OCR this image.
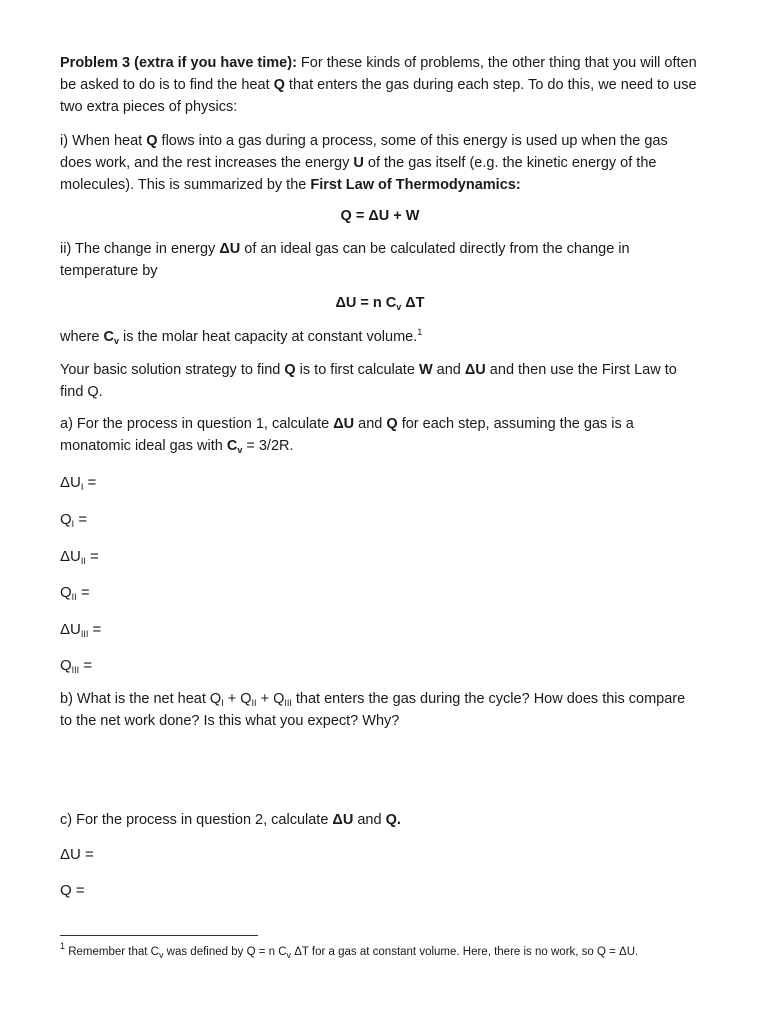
Problem 3 (extra if you have time): For these kinds of problems, the other thing that you will often be asked to do is to find the heat Q that enters the gas during each step. To do this, we need to use two extra pieces of physics:

i) When heat Q flows into a gas during a process, some of this energy is used up when the gas does work, and the rest increases the energy U of the gas itself (e.g. the kinetic energy of the molecules). This is summarized by the First Law of Thermodynamics:

Q = ΔU + W

ii) The change in energy ΔU of an ideal gas can be calculated directly from the change in temperature by

ΔU = n $C_v$ ΔT

where $C_v$ is the molar heat capacity at constant volume.$^1$

Your basic solution strategy to find Q is to first calculate W and ΔU and then use the First Law to find Q.

a) For the process in question 1, calculate ΔU and Q for each step, assuming the gas is a monatomic ideal gas with $C_v = 3/2R$.

$\Delta U_I$ =
$Q_I$ =
$\Delta U_{II}$ =
$Q_{II}$ =
$\Delta U_{III}$ =
$Q_{III}$ =

b) What is the net heat $Q_I + Q_{II} + Q_{III}$ that enters the gas during the cycle? How does this compare to the net work done? Is this what you expect? Why?

c) For the process in question 2, calculate ΔU and Q.

ΔU =
Q =
$^1$ Remember that $C_v$ was defined by Q = n $C_v$ ΔT for a gas at constant volume. Here, there is no work, so Q = ΔU.
